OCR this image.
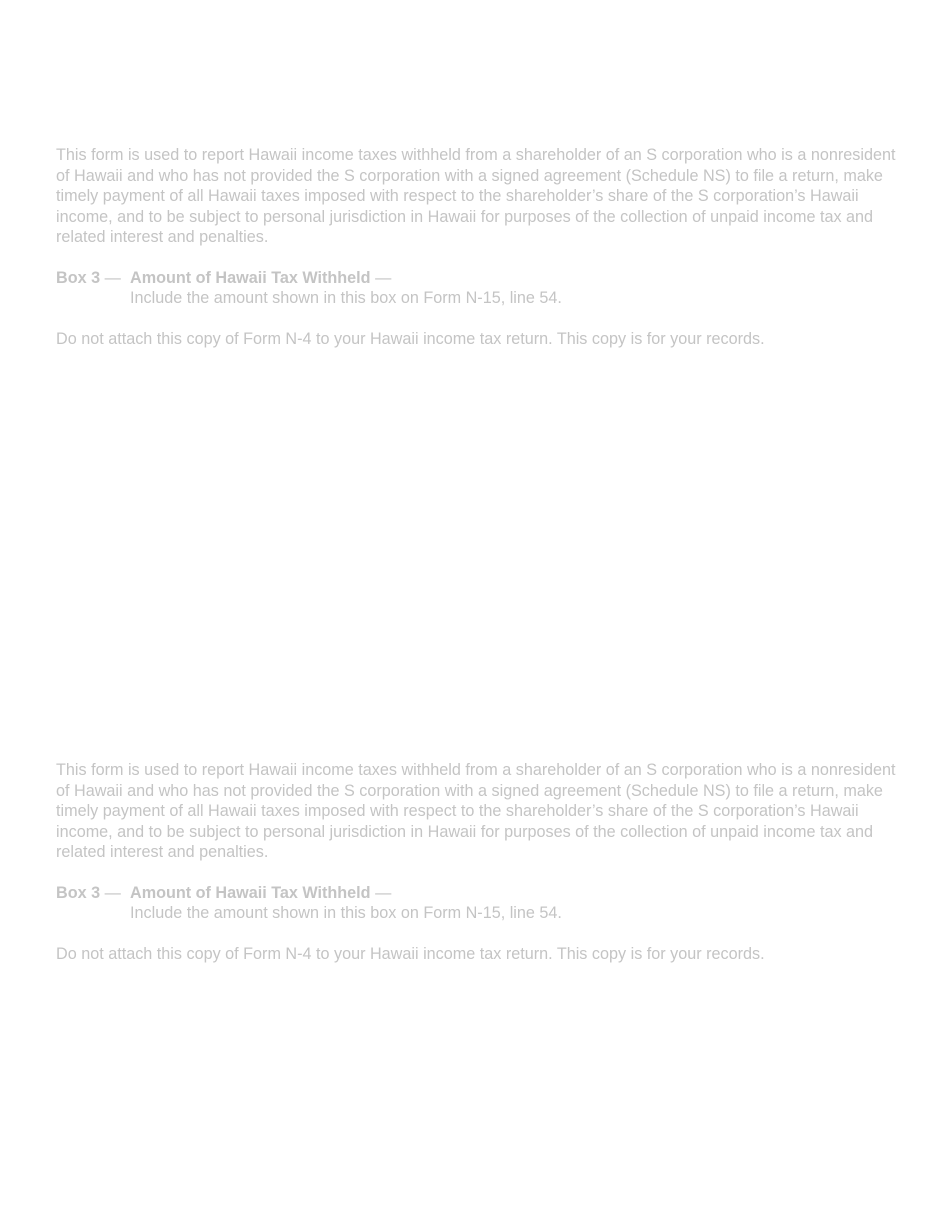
This form is used to report Hawaii income taxes withheld from a shareholder of an S corporation who is a nonresident of Hawaii and who has not provided the S corporation with a signed agreement (Schedule NS) to file a return, make timely payment of all Hawaii taxes imposed with respect to the shareholder’s share of the S corporation’s Hawaii income, and to be subject to personal jurisdiction in Hawaii for purposes of the collection of unpaid income tax and related interest and penalties.

Box 3 — Amount of Hawaii Tax Withheld —
Include the amount shown in this box on Form N-15, line 54.

Do not attach this copy of Form N-4 to your Hawaii income tax return. This copy is for your records.

This form is used to report Hawaii income taxes withheld from a shareholder of an S corporation who is a nonresident of Hawaii and who has not provided the S corporation with a signed agreement (Schedule NS) to file a return, make timely payment of all Hawaii taxes imposed with respect to the shareholder’s share of the S corporation’s Hawaii income, and to be subject to personal jurisdiction in Hawaii for purposes of the collection of unpaid income tax and related interest and penalties.

Box 3 — Amount of Hawaii Tax Withheld —
Include the amount shown in this box on Form N-15, line 54.

Do not attach this copy of Form N-4 to your Hawaii income tax return. This copy is for your records.
